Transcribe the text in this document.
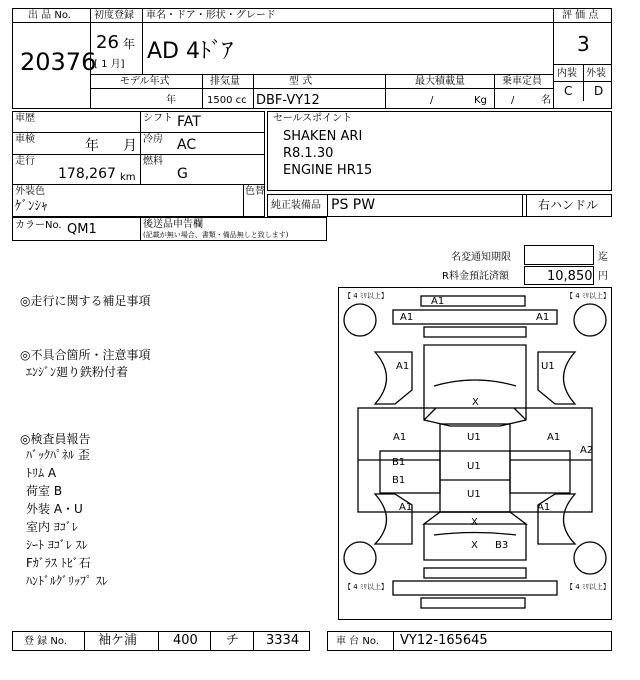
出 品 No.
20376
初度登録
26 年
[ 1 月]
車名・ドア・形状・グレード
AD 4ﾄﾞｱ
評 価 点
3
内装 外装
C D
モデル年式
年
排気量
1500 cc
型 式
DBF-VY12
最大積載量
/	Kg
乗車定員
/	名
車歴	シフト FAT
車検	年 月 冷房 AC
走行
178,267 km
燃料
G
外装色
ｹﾞﾝｼｬ
色替
セールスポイント
SHAKEN ARI
R8.1.30
ENGINE HR15
純正装備品 PS PW	右ハンドル
カラーNo. QM1	後送品申告欄
(記載が無い場合、書類・備品無しと致します)
名変通知期限	迄
R料金預託済額	10,850 円
◎走行に関する補足事項
◎不具合箇所・注意事項
ｴﾝｼﾞﾝ廻り鉄粉付着
◎検査員報告
ﾊﾞｯｸﾊﾟﾈﾙ 歪
ﾄﾘﾑ A
荷室 B
外装 A・U
室内 ﾖｺﾞﾚ
ｼｰﾄ ﾖｺﾞﾚ ｽﾚ
Fｶﾞﾗｽ ﾄﾋﾞ石
ﾊﾝﾄﾞﾙｸﾞﾘｯﾌﾟ ｽﾚ
【 4 ﾐﾘ以上】	【 4 ﾐﾘ以上】
【 4 ﾐﾘ以上】	【 4 ﾐﾘ以上】
A1
A1	A1
A1	U1
X
A1	U1	A1
A2
B1	U1
B1
U1
A1	A1
X
X B3
登 録 No. 袖ケ浦	400 チ 3334	車 台 No. VY12-165645
